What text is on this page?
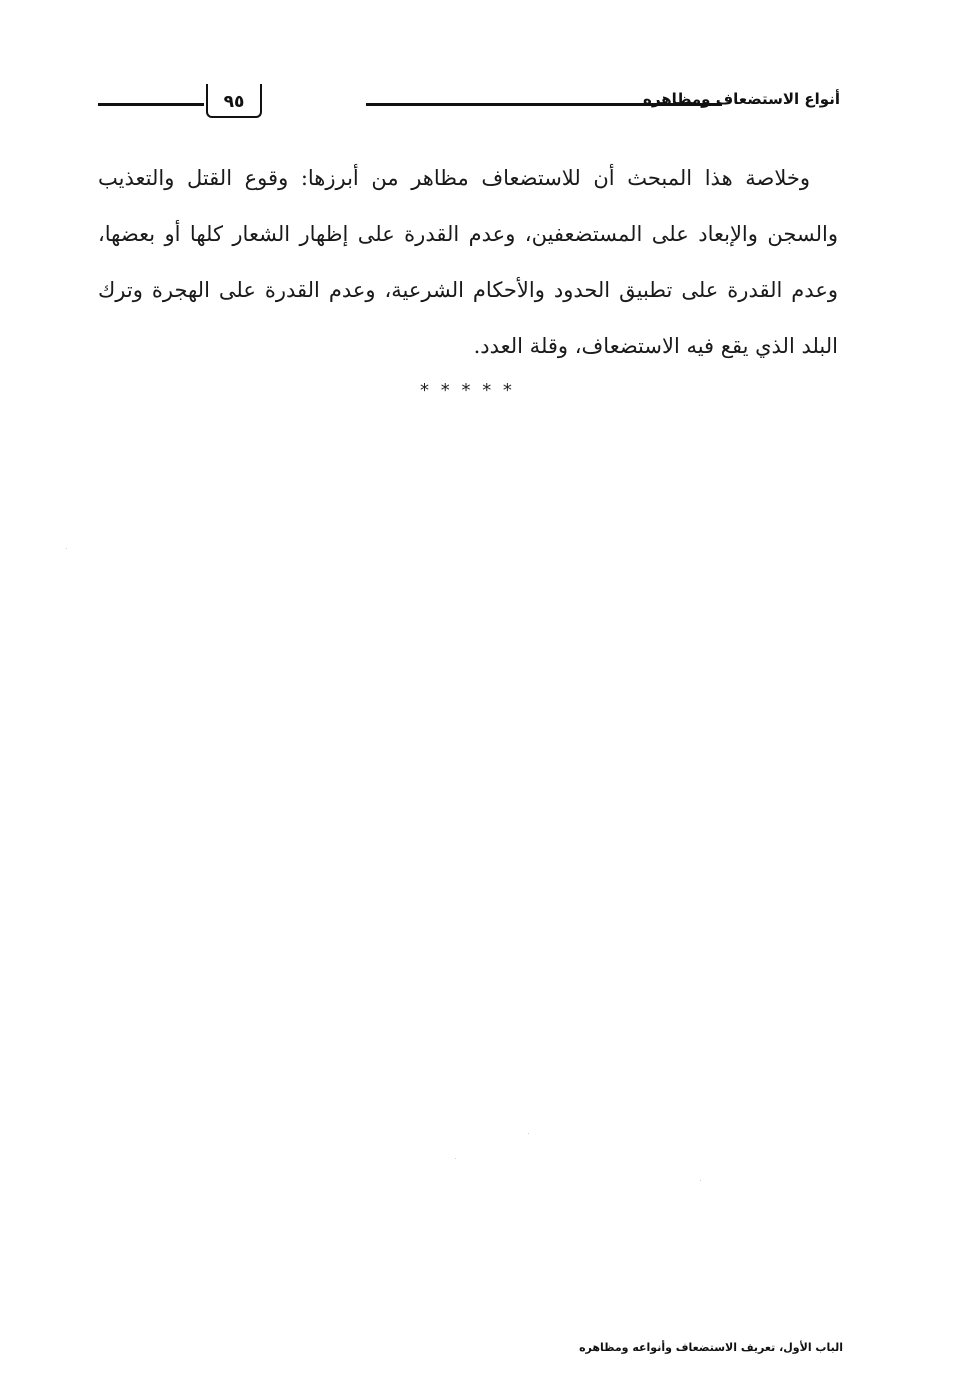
٩٥	أنواع الاستضعاف ومظاهره
وخلاصة هذا المبحث أن للاستضعاف مظاهر من أبرزها: وقوع القتل والتعذيب والسجن والإبعاد على المستضعفين، وعدم القدرة على إظهار الشعار كلها أو بعضها، وعدم القدرة على تطبيق الحدود والأحكام الشرعية، وعدم القدرة على الهجرة وترك البلد الذي يقع فيه الاستضعاف، وقلة العدد.
* * * * *
الباب الأول، تعريف الاستضعاف وأنواعه ومظاهره
